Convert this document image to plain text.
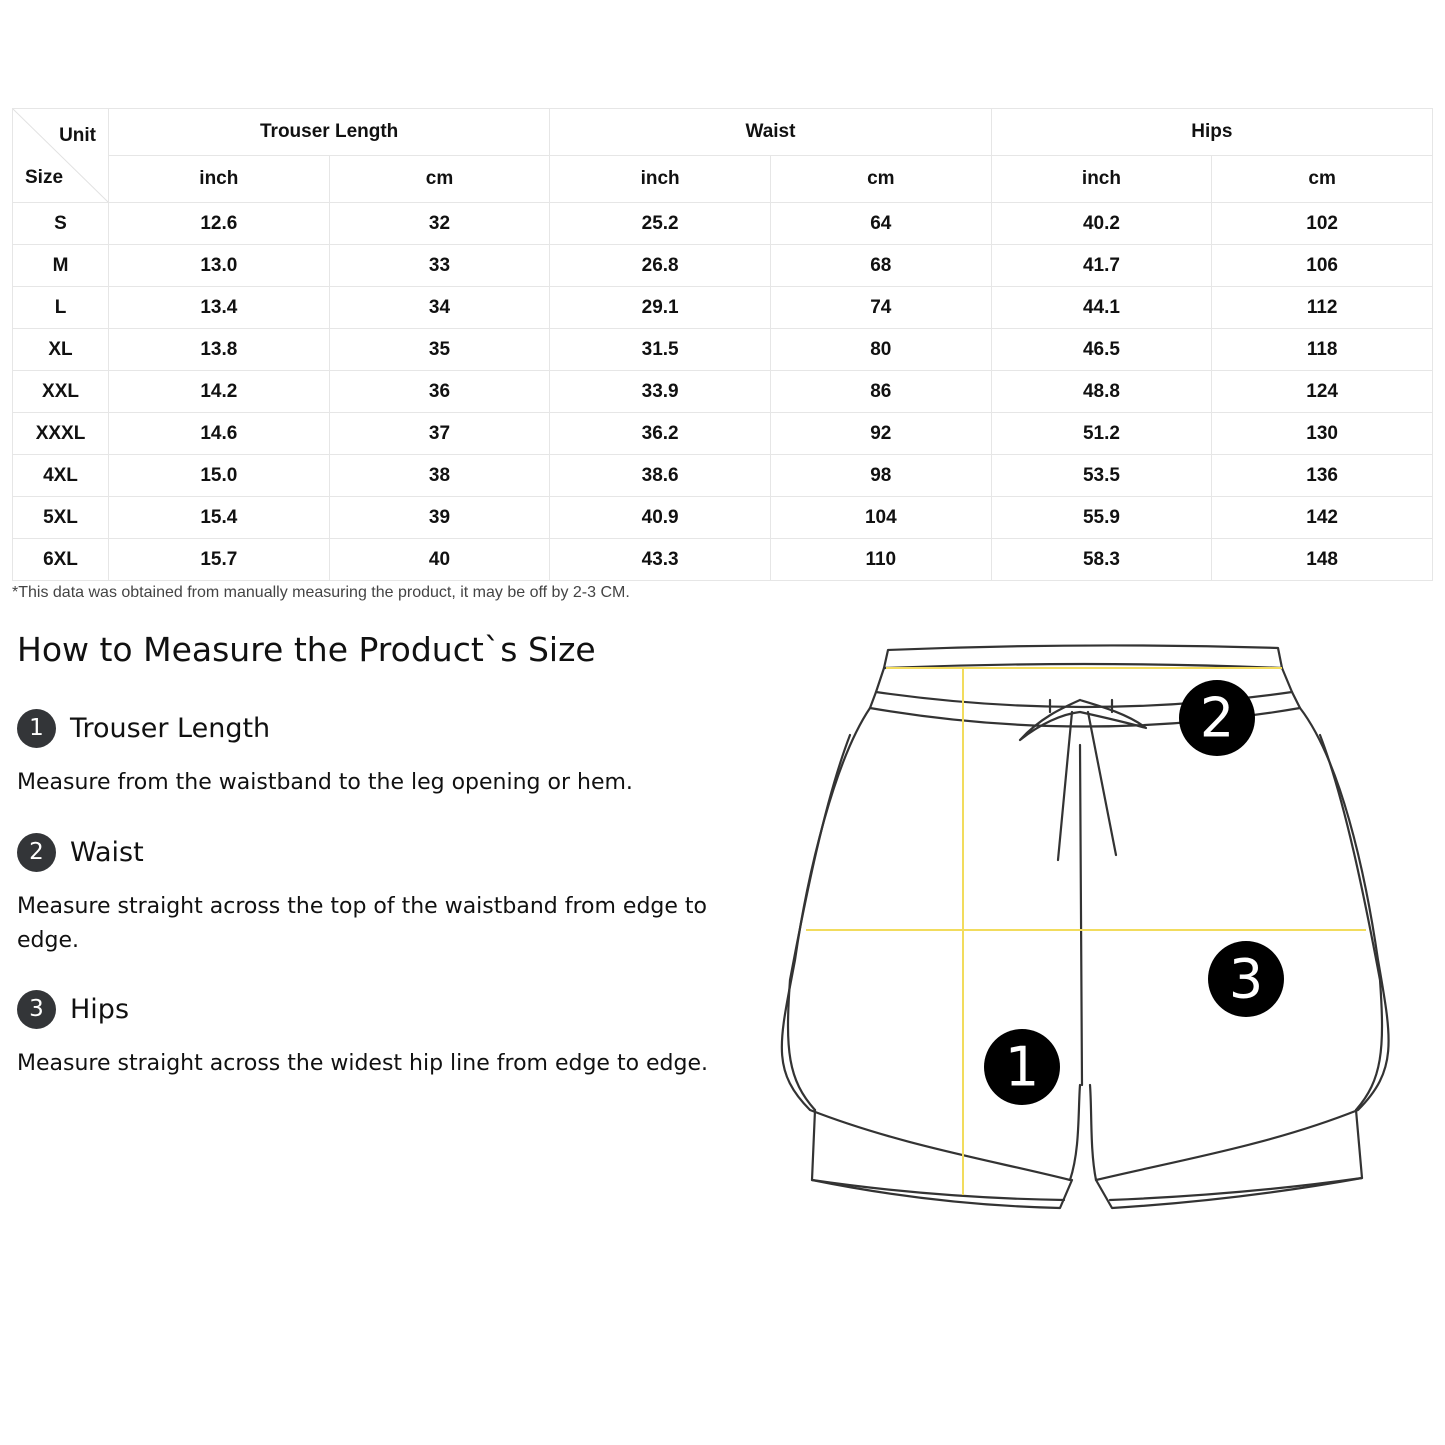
Unit
Size	Trouser Length		Waist		Hips	
	inch	cm	inch	cm	inch	cm
S	12.6	32	25.2	64	40.2	102
M	13.0	33	26.8	68	41.7	106
L	13.4	34	29.1	74	44.1	112
XL	13.8	35	31.5	80	46.5	118
XXL	14.2	36	33.9	86	48.8	124
XXXL	14.6	37	36.2	92	51.2	130
4XL	15.0	38	38.6	98	53.5	136
5XL	15.4	39	40.9	104	55.9	142
6XL	15.7	40	43.3	110	58.3	148
*This data was obtained from manually measuring the product, it may be off by 2-3 CM.
How to Measure the Product`s Size
1 Trouser Length

Measure from the waistband to the leg opening or hem.

2 Waist

Measure straight across the top of the waistband from edge to edge.

3 Hips

Measure straight across the widest hip line from edge to edge.	1
2
3
